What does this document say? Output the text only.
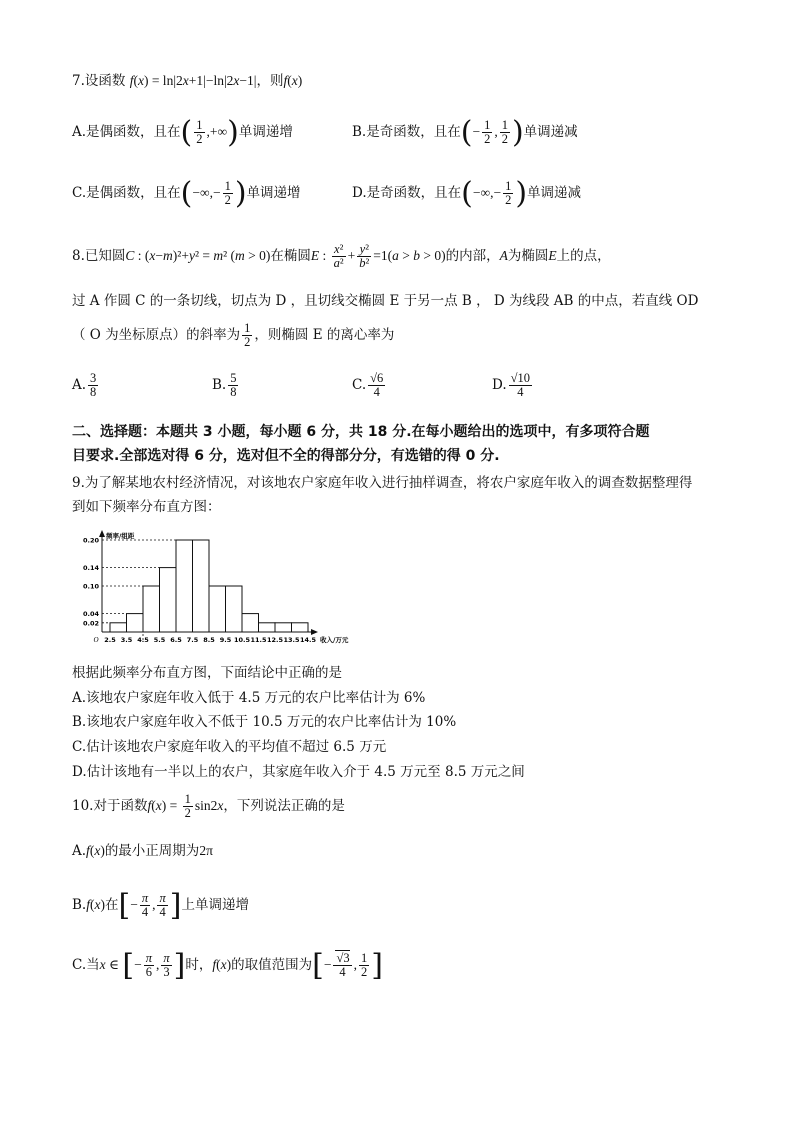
7.设函数 f(x) = ln|2x+1|−ln|2x−1|，则f(x)
A.是偶函数，且在( $\frac{1}{2}$ ,+∞)单调递增	B.是奇函数，且在(− $\frac{1}{2}$ , $\frac{1}{2}$ )单调递减
C.是偶函数，且在(−∞,− $\frac{1}{2}$ )单调递增	D.是奇函数，且在(−∞,− $\frac{1}{2}$ )单调递减
8.已知圆C : (x−m)²+y² = m² (m > 0)在椭圆E : $\frac{\text{x²}}{\text{a²}} + \frac{\text{y²}}{\text{b²}} =1(a > b > 0)$的内部，A为椭圆E上的点，
过 A 作圆 C 的一条切线，切点为 D ，且切线交椭圆 E 于另一点 B ， D 为线段 AB 的中点，若直线 OD
（ O 为坐标原点）的斜率为 $\frac{1}{2}$ ，则椭圆 E 的离心率为
A. $\frac{3}{8}$	B. $\frac{5}{8}$	C. $\frac{√6}{4}$	D. $\frac{√10}{4}$
二、选择题：本题共 3 小题，每小题 6 分，共 18 分.在每小题给出的选项中，有多项符合题
目要求.全部选对得 6 分，选对但不全的得部分分，有选错的得 0 分.
9.为了解某地农村经济情况，对该地农户家庭年收入进行抽样调查，将农户家庭年收入的调查数据整理得
到如下频率分布直方图：
0.20
0.14
0.10
0.04
0.02
2.5 3.5 4.5 5.5 6.5 7.5 8.5 9.5 10.5 11.5 12.5 13.5 14.5
O
频率/组距
收入/万元
根据此频率分布直方图，下面结论中正确的是
A.该地农户家庭年收入低于 4.5 万元的农户比率估计为 6%
B.该地农户家庭年收入不低于 10.5 万元的农户比率估计为 10%
C.估计该地农户家庭年收入的平均值不超过 6.5 万元
D.估计该地有一半以上的农户，其家庭年收入介于 4.5 万元至 8.5 万元之间
10.对于函数$f(x) = \frac{1}{2} \sin 2x$，下列说法正确的是
A.f(x)的最小正周期为2π
B.f(x)在[− $\frac{\pi}{4}$ , $\frac{\pi}{4}$ ]上单调递增
C.当x ∈ [− $\frac{\pi}{6}$ , $\frac{\pi}{3}$ ]时，f(x)的取值范围为[− $\frac{√3}{4}$ , $\frac{1}{2}$ ]
